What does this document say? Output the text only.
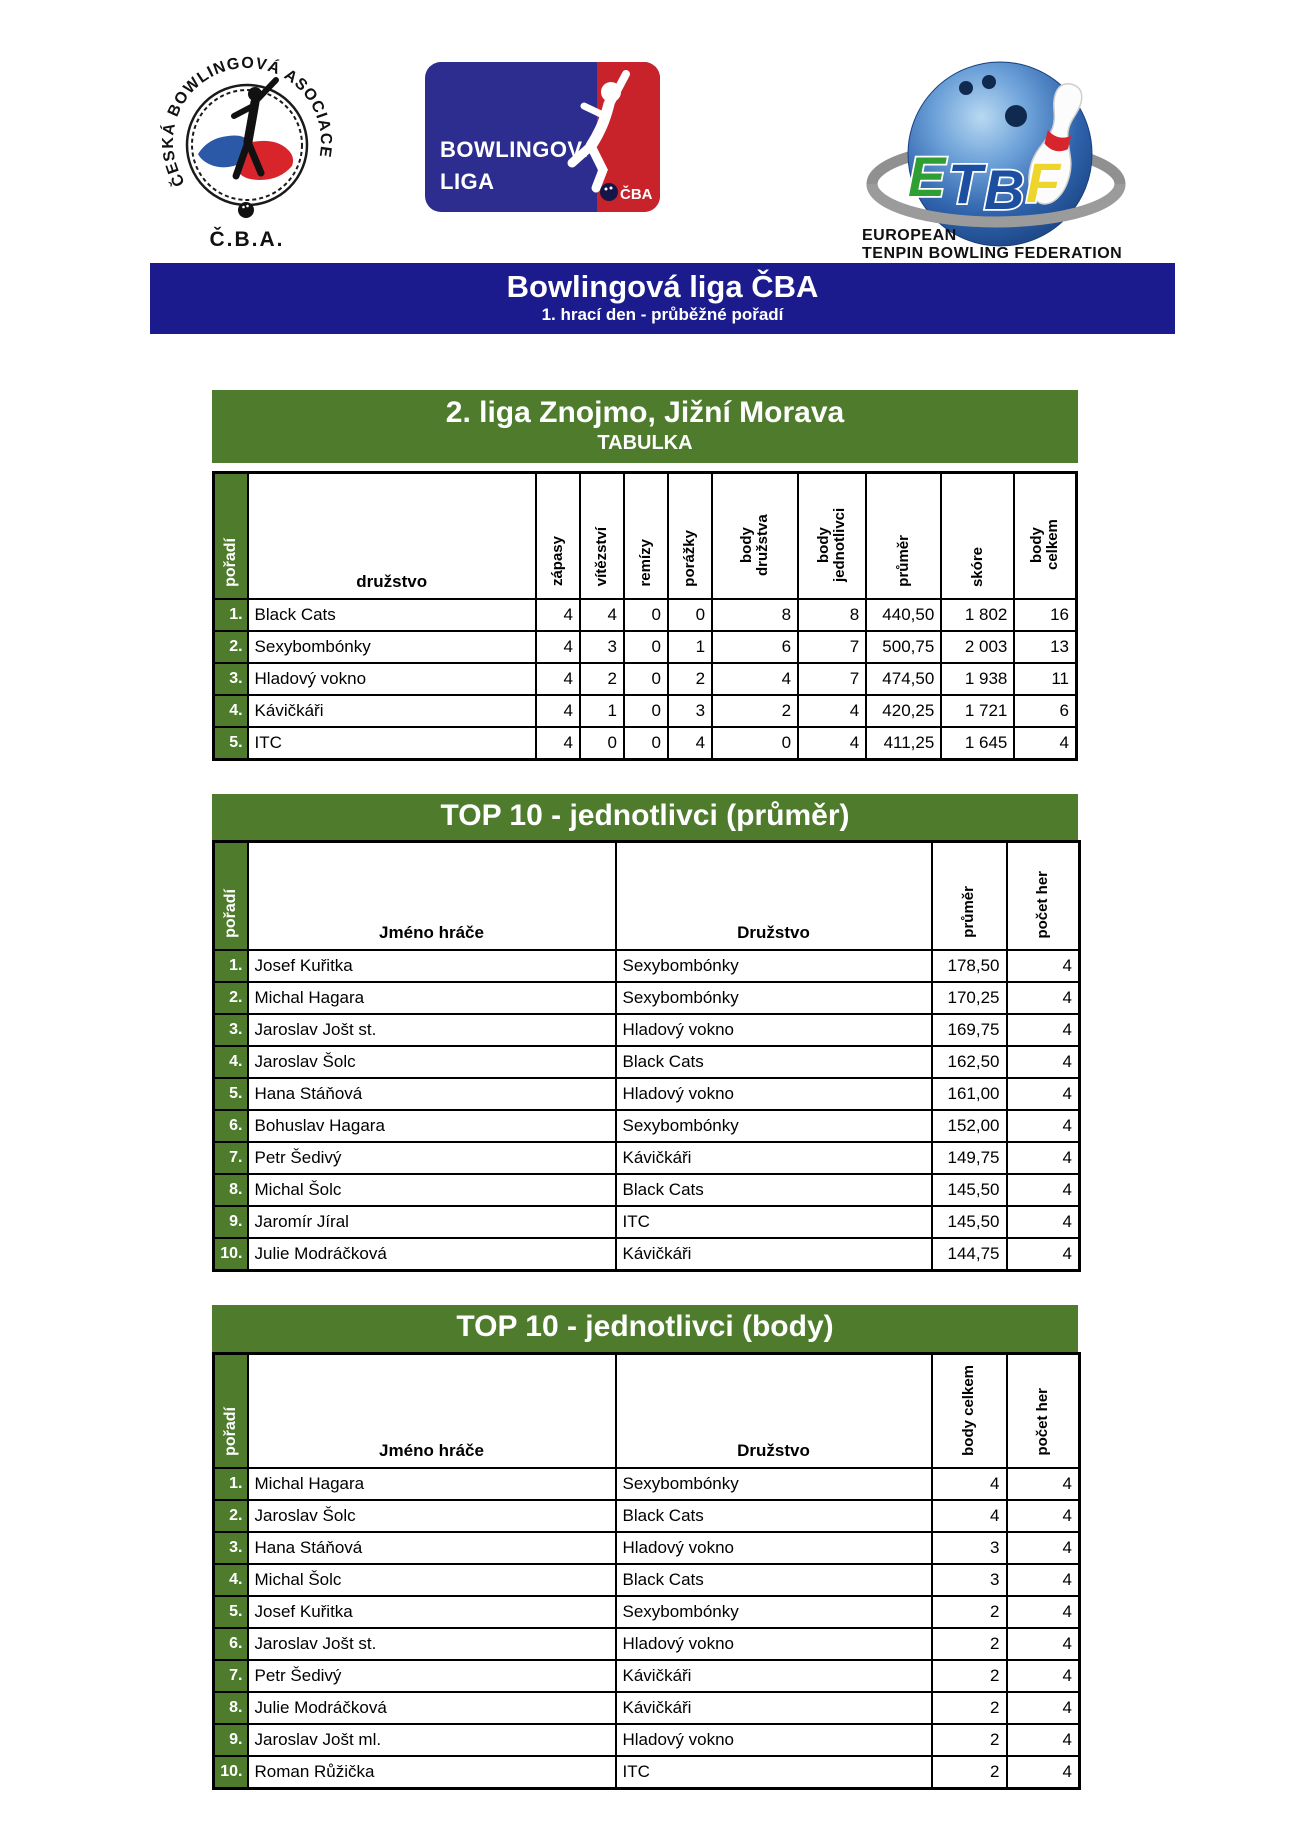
ČESKÁ BOWLINGOVÁ ASOCIACE
Č.B.A.
BOWLINGOVÁ
LIGA
ČBA	E T B F
EUROPEAN
TENPIN BOWLING FEDERATION
Bowlingová liga ČBA
1. hrací den - průběžné pořadí
2. liga Znojmo, Jižní Morava
TABULKA
pořadí	družstvo	zápasy	vítězství	remízy	porážky	body družstva	body jednotlivci	průměr	skóre	body celkem
1.	Black Cats	4	4	0	0	8	8	440,50	1 802	16
2.	Sexybombónky	4	3	0	1	6	7	500,75	2 003	13
3.	Hladový vokno	4	2	0	2	4	7	474,50	1 938	11
4.	Kávičkáři	4	1	0	3	2	4	420,25	1 721	6
5.	ITC	4	0	0	4	0	4	411,25	1 645	4
TOP 10 - jednotlivci (průměr)
pořadí	Jméno hráče	Družstvo	průměr	počet her
1.	Josef Kuřitka	Sexybombónky	178,50	4
2.	Michal Hagara	Sexybombónky	170,25	4
3.	Jaroslav Jošt st.	Hladový vokno	169,75	4
4.	Jaroslav Šolc	Black Cats	162,50	4
5.	Hana Stáňová	Hladový vokno	161,00	4
6.	Bohuslav Hagara	Sexybombónky	152,00	4
7.	Petr Šedivý	Kávičkáři	149,75	4
8.	Michal Šolc	Black Cats	145,50	4
9.	Jaromír Jíral	ITC	145,50	4
10.	Julie Modráčková	Kávičkáři	144,75	4
TOP 10 - jednotlivci (body)
pořadí	Jméno hráče	Družstvo	body celkem	počet her
1.	Michal Hagara	Sexybombónky	4	4
2.	Jaroslav Šolc	Black Cats	4	4
3.	Hana Stáňová	Hladový vokno	3	4
4.	Michal Šolc	Black Cats	3	4
5.	Josef Kuřitka	Sexybombónky	2	4
6.	Jaroslav Jošt st.	Hladový vokno	2	4
7.	Petr Šedivý	Kávičkáři	2	4
8.	Julie Modráčková	Kávičkáři	2	4
9.	Jaroslav Jošt ml.	Hladový vokno	2	4
10.	Roman Růžička	ITC	2	4
